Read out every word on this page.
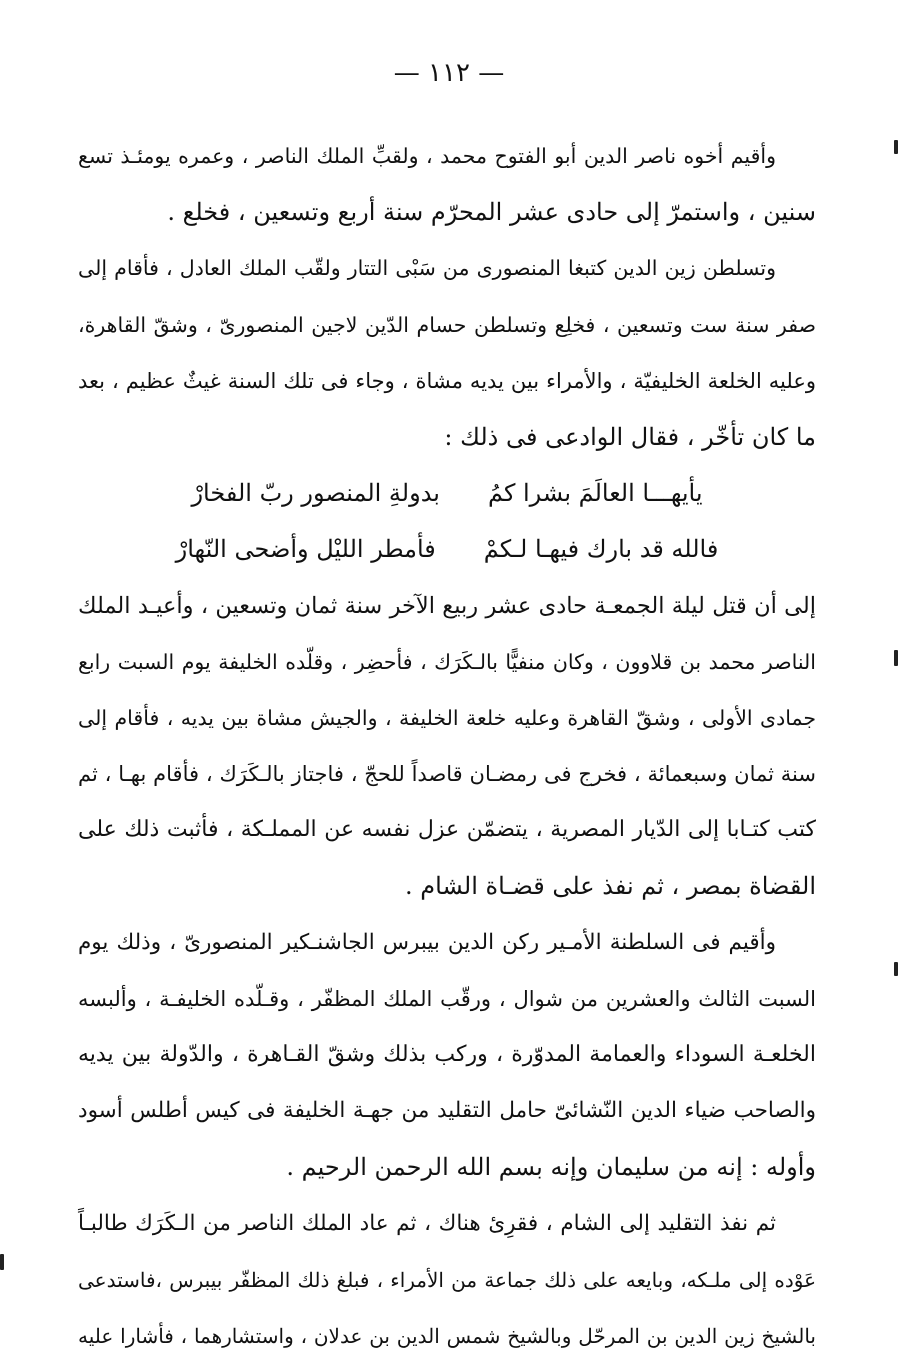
— ١١٢ —
وأقيم أخوه ناصر الدين أبو الفتوح محمد ، ولقبِّ الملك الناصر ، وعمره يومئـذ تسع
سنين ، واستمرّ إلى حادى عشر المحرّم سنة أربع وتسعين ، فخلع .
وتسلطن زين الدين كتبغا المنصورى من سَبْى التتار ولقّب الملك العادل ، فأقام إلى
صفر سنة ست وتسعين ، فخلِع وتسلطن حسام الدّين لاجين المنصورىّ ، وشقّ القاهرة،
وعليه الخلعة الخليفيّة ، والأمراء بين يديه مشاة ، وجاء فى تلك السنة غيثٌ عظيم ، بعد
ما كان تأخّر ، فقال الوادعى فى ذلك :
يأيهـــا العالَمَ بشرا كمُ
بدولةِ المنصور ربّ الفخارْ
فالله قد بارك فيهـا لـكمْ
فأمطر الليْل وأضحى النّهارْ
إلى أن قتل ليلة الجمعـة حادى عشر ربيع الآخر سنة ثمان وتسعين ، وأعيـد الملك
الناصر محمد بن قلاوون ، وكان منفيًّا بالـكَرَك ، فأحضِر ، وقلّده الخليفة يوم السبت رابع
جمادى الأولى ، وشقّ القاهرة وعليه خلعة الخليفة ، والجيش مشاة بين يديه ، فأقام إلى
سنة ثمان وسبعمائة ، فخرج فى رمضـان قاصداً للحجّ ، فاجتاز بالـكَرَك ، فأقام بهـا ، ثم
كتب كتـابا إلى الدّيار المصرية ، يتضمّن عزل نفسه عن المملـكة ، فأثبت ذلك على
القضاة بمصر ، ثم نفذ على قضـاة الشام .
وأقيم فى السلطنة الأمـير ركن الدين بيبرس الجاشنـكير المنصورىّ ، وذلك يوم
السبت الثالث والعشرين من شوال ، ورقّب الملك المظفّر ، وقـلّده الخليفـة ، وألبسه
الخلعـة السوداء والعمامة المدوّرة ، وركب بذلك وشقّ القـاهرة ، والدّولة بين يديه
والصاحب ضياء الدين النّشائىّ حامل التقليد من جهـة الخليفة فى كيس أطلس أسود
وأوله : إنه من سليمان وإنه بسم الله الرحمن الرحيم .
ثم نفذ التقليد إلى الشام ، فقرِئ هناك ، ثم عاد الملك الناصر من الـكَرَك طالبـاً
عَوْده إلى ملـكه، وبايعه على ذلك جماعة من الأمراء ، فبلغ ذلك المظفّر بيبرس ،فاستدعى
بالشيخ زين الدين بن المرحّل وبالشيخ شمس الدين بن عدلان ، واستشارهما ، فأشارا عليه
